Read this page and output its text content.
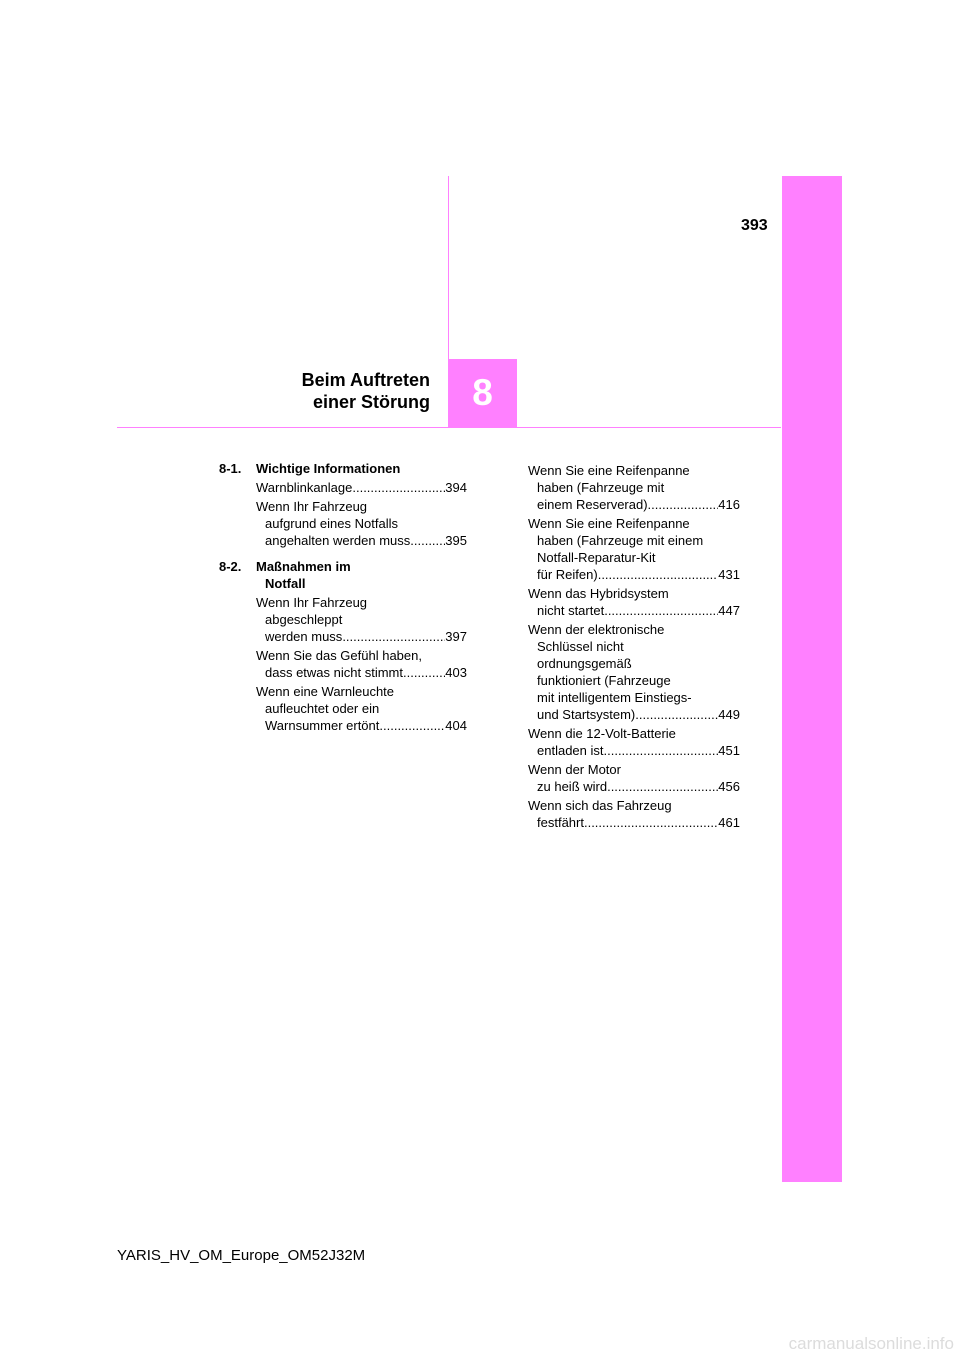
393
Beim Auftreten
einer Störung	8
8-1. Wichtige Informationen
Warnblinkanlage .....	394
Wenn Ihr Fahrzeug
aufgrund eines Notfalls
angehalten werden muss .....	395
8-2. Maßnahmen im
Notfall
Wenn Ihr Fahrzeug
abgeschleppt
werden muss .....	397
Wenn Sie das Gefühl haben,
dass etwas nicht stimmt .....	403
Wenn eine Warnleuchte
aufleuchtet oder ein
Warnsummer ertönt .....	404
Wenn Sie eine Reifenpanne
haben (Fahrzeuge mit
einem Reserverad) .....	416
Wenn Sie eine Reifenpanne
haben (Fahrzeuge mit einem
Notfall-Reparatur-Kit
für Reifen) .....	431
Wenn das Hybridsystem
nicht startet .....	447
Wenn der elektronische
Schlüssel nicht
ordnungsgemäß
funktioniert (Fahrzeuge
mit intelligentem Einstiegs-
und Startsystem) .....	449
Wenn die 12-Volt-Batterie
entladen ist .....	451
Wenn der Motor
zu heiß wird .....	456
Wenn sich das Fahrzeug
festfährt .....	461
YARIS_HV_OM_Europe_OM52J32M
carmanualsonline.info
